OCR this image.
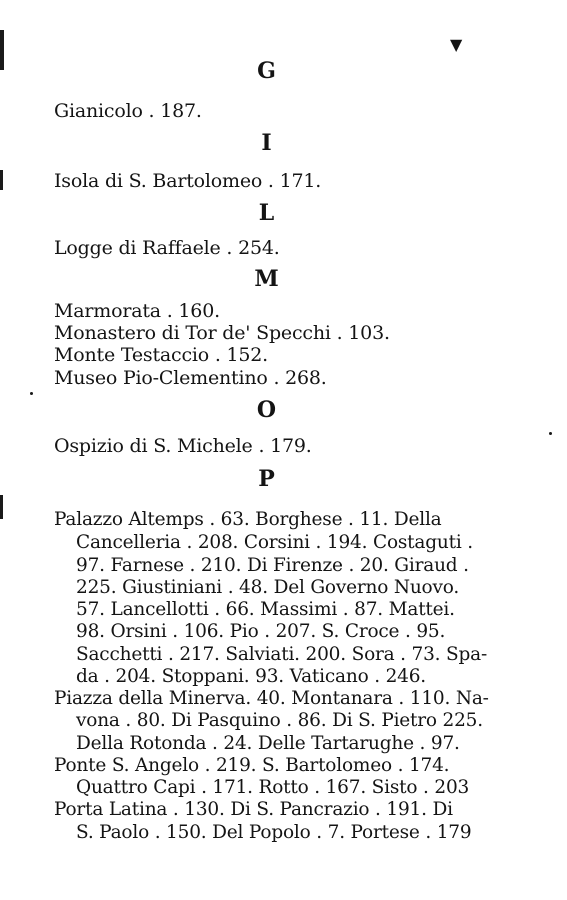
▼
G
Gianicolo . 187.
I
Isola di S. Bartolomeo . 171.
L
Logge di Raffaele . 254.
M
Marmorata . 160.
Monastero di Tor de' Specchi . 103.
Monte Testaccio . 152.
Museo Pio-Clementino . 268.
O
Ospizio di S. Michele . 179.
P
Palazzo Altemps . 63. Borghese . 11. Della
Cancelleria . 208. Corsini . 194. Costaguti .
97. Farnese . 210. Di Firenze . 20. Giraud .
225. Giustiniani . 48. Del Governo Nuovo.
57. Lancellotti . 66. Massimi . 87. Mattei.
98. Orsini . 106. Pio . 207. S. Croce . 95.
Sacchetti . 217. Salviati. 200. Sora . 73. Spa-
da . 204. Stoppani. 93. Vaticano . 246.
Piazza della Minerva. 40. Montanara . 110. Na-
vona . 80. Di Pasquino . 86. Di S. Pietro 225.
Della Rotonda . 24. Delle Tartarughe . 97.
Ponte S. Angelo . 219. S. Bartolomeo . 174.
Quattro Capi . 171. Rotto . 167. Sisto . 203
Porta Latina . 130. Di S. Pancrazio . 191. Di
S. Paolo . 150. Del Popolo . 7. Portese . 179
